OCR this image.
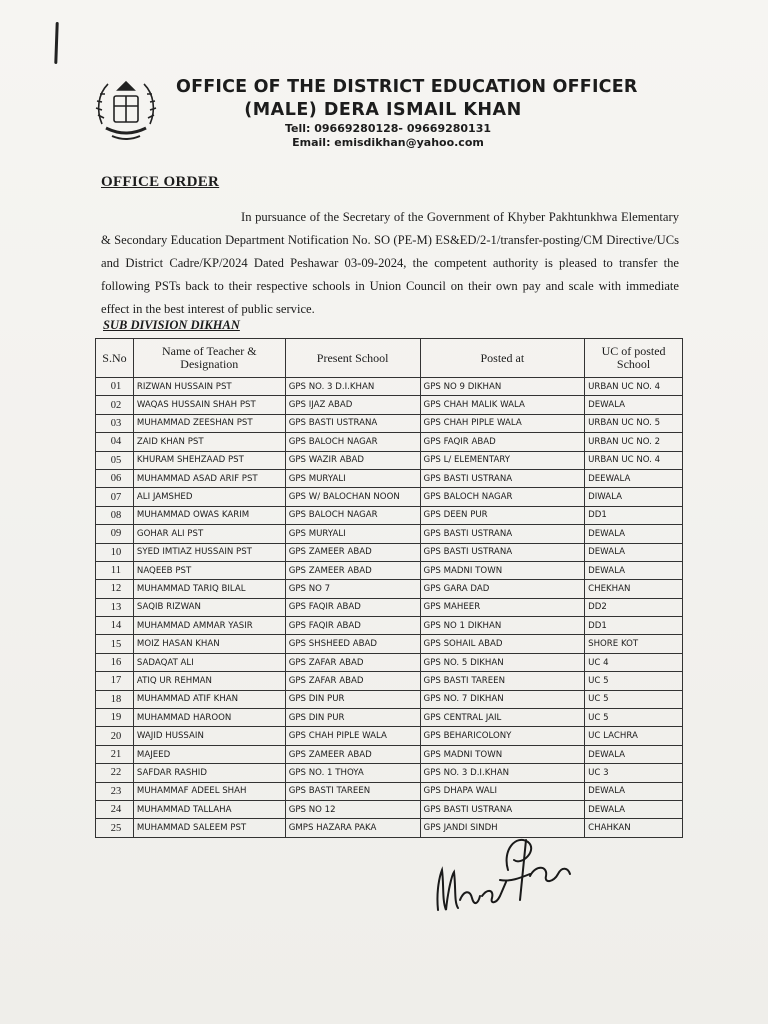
OFFICE OF THE DISTRICT EDUCATION OFFICER
(MALE) DERA ISMAIL KHAN
Tell: 09669280128- 09669280131
Email: emisdikhan@yahoo.com
OFFICE ORDER
In pursuance of the Secretary of the Government of Khyber Pakhtunkhwa Elementary & Secondary Education Department Notification No. SO (PE-M) ES&ED/2-1/transfer-posting/CM Directive/UCs and District Cadre/KP/2024 Dated Peshawar 03-09-2024, the competent authority is pleased to transfer the following PSTs back to their respective schools in Union Council on their own pay and scale with immediate effect in the best interest of public service.
SUB DIVISION DIKHAN
S.No	Name of Teacher & Designation	Present School	Posted at	UC of posted School
01	RIZWAN HUSSAIN PST	GPS NO. 3 D.I.KHAN	GPS NO 9 DIKHAN	URBAN UC NO. 4
02	WAQAS HUSSAIN SHAH PST	GPS IJAZ ABAD	GPS CHAH MALIK WALA	DEWALA
03	MUHAMMAD ZEESHAN PST	GPS BASTI USTRANA	GPS CHAH PIPLE WALA	URBAN UC NO. 5
04	ZAID KHAN PST	GPS BALOCH NAGAR	GPS FAQIR ABAD	URBAN UC NO. 2
05	KHURAM SHEHZAAD PST	GPS WAZIR ABAD	GPS L/ ELEMENTARY	URBAN UC NO. 4
06	MUHAMMAD ASAD ARIF PST	GPS MURYALI	GPS BASTI USTRANA	DEEWALA
07	ALI JAMSHED	GPS W/ BALOCHAN NOON	GPS BALOCH NAGAR	DIWALA
08	MUHAMMAD OWAS KARIM	GPS BALOCH NAGAR	GPS DEEN PUR	DD1
09	GOHAR ALI PST	GPS MURYALI	GPS BASTI USTRANA	DEWALA
10	SYED IMTIAZ HUSSAIN PST	GPS ZAMEER ABAD	GPS BASTI USTRANA	DEWALA
11	NAQEEB PST	GPS ZAMEER ABAD	GPS MADNI TOWN	DEWALA
12	MUHAMMAD TARIQ BILAL	GPS NO 7	GPS GARA DAD	CHEKHAN
13	SAQIB RIZWAN	GPS FAQIR ABAD	GPS MAHEER	DD2
14	MUHAMMAD AMMAR YASIR	GPS FAQIR ABAD	GPS NO 1 DIKHAN	DD1
15	MOIZ HASAN KHAN	GPS SHSHEED ABAD	GPS SOHAIL ABAD	SHORE KOT
16	SADAQAT ALI	GPS ZAFAR ABAD	GPS NO. 5 DIKHAN	UC 4
17	ATIQ UR REHMAN	GPS ZAFAR ABAD	GPS BASTI TAREEN	UC 5
18	MUHAMMAD ATIF KHAN	GPS DIN PUR	GPS NO. 7 DIKHAN	UC 5
19	MUHAMMAD HAROON	GPS DIN PUR	GPS CENTRAL JAIL	UC 5
20	WAJID HUSSAIN	GPS CHAH PIPLE WALA	GPS BEHARICOLONY	UC LACHRA
21	MAJEED	GPS ZAMEER ABAD	GPS MADNI TOWN	DEWALA
22	SAFDAR RASHID	GPS NO. 1 THOYA	GPS NO. 3 D.I.KHAN	UC 3
23	MUHAMMAF ADEEL SHAH	GPS BASTI TAREEN	GPS DHAPA WALI	DEWALA
24	MUHAMMAD TALLAHA	GPS NO 12	GPS BASTI USTRANA	DEWALA
25	MUHAMMAD SALEEM PST	GMPS HAZARA PAKA	GPS JANDI SINDH	CHAHKAN
